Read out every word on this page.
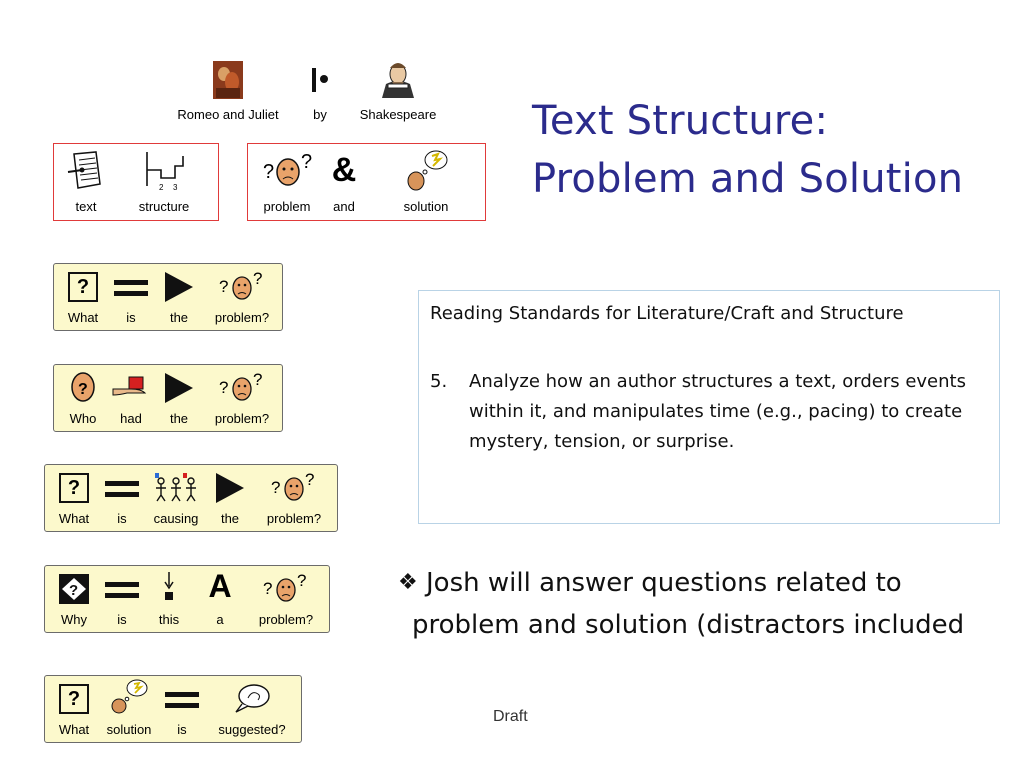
Text Structure:
Problem and Solution
Romeo and Juliet	by	Shakespeare
text
2 3
structure
? ?
problem
&
and	solution
?
What	is	the
? ?
problem?
?
Who	had	the
? ?
problem?
?
What	is	causing	the
? ?
problem?
?
Why	is	this
A
a
? ?
problem?
?
What	solution	is	suggested?
Reading Standards for Literature/Craft and Structure
5. Analyze how an author structures a text, orders events within it, and manipulates time (e.g., pacing) to create mystery, tension, or surprise.
❖ Josh will answer questions related to problem and solution (distractors included
Draft
